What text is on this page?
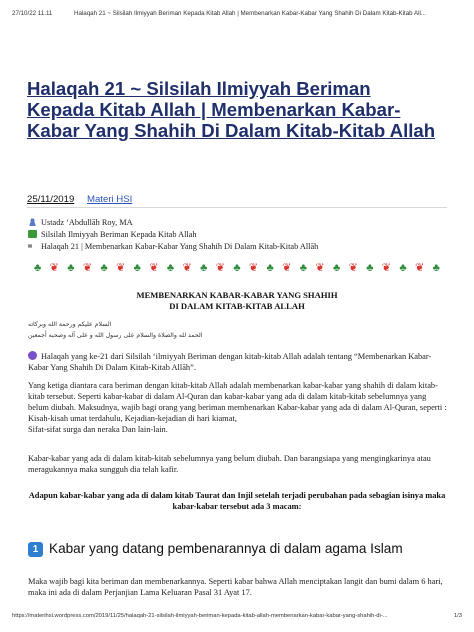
27/10/22 11.11	Halaqah 21 ~ Silsilah Ilmiyyah Beriman Kepada Kitab Allah | Membenarkan Kabar-Kabar Yang Shahih Di Dalam Kitab-Kitab All...
Halaqah 21 ~ Silsilah Ilmiyyah Beriman Kepada Kitab Allah | Membenarkan Kabar-Kabar Yang Shahih Di Dalam Kitab-Kitab Allah
25/11/2019 Materi HSI
Ustadz ‘Abdullāh Roy, MA
Silsilah Ilmiyyah Beriman Kepada Kitab Allah
Halaqah 21 | Membenarkan Kabar-Kabar Yang Shahih Di Dalam Kitab-Kitab Allāh
♣ ❦ ♣ ❦ ♣ ❦ ♣ ❦ ♣ ❦ ♣ ❦ ♣ ❦ ♣ ❦ ♣ ❦ ♣ ❦ ♣ ❦ ♣ ❦ ♣
MEMBENARKAN KABAR-KABAR YANG SHAHIH
DI DALAM KITAB-KITAB ALLAH
السلام عليكم ورحمة الله وبركاته
الحمد لله والصلاة والسلام على رسول الله و على آله وصحبه أجمعين
Halaqah yang ke-21 dari Silsilah ‘ilmiyyah Beriman dengan kitab-kitab Allah adalah tentang “Membenarkan Kabar-Kabar Yang Shahih Di Dalam Kitab-Kitab Allāh”.
Yang ketiga diantara cara beriman dengan kitab-kitab Allah adalah membenarkan kabar-kabar yang shahih di dalam kitab-kitab tersebut. Seperti kabar-kabar di dalam Al-Quran dan kabar-kabar yang ada di dalam kitab-kitab sebelumnya yang belum diubah. Maksudnya, wajib bagi orang yang beriman membenarkan Kabar-kabar yang ada di dalam Al-Quran, seperti : Kisah-kisah umat terdahulu, Kejadian-kejadian di hari kiamat,
Sifat-sifat surga dan neraka Dan lain-lain.
Kabar-kabar yang ada di dalam kitab-kitab sebelumnya yang belum diubah. Dan barangsiapa yang mengingkarinya atau meragukannya maka sungguh dia telah kafir.
Adapun kabar-kabar yang ada di dalam kitab Taurat dan Injil setelah terjadi perubahan pada sebagian isinya maka kabar-kabar tersebut ada 3 macam:
1 Kabar yang datang pembenarannya di dalam agama Islam
Maka wajib bagi kita beriman dan membenarkannya. Seperti kabar bahwa Allah menciptakan langit dan bumi dalam 6 hari, maka ini ada di dalam Perjanjian Lama Keluaran Pasal 31 Ayat 17.
https://materihsi.wordpress.com/2019/11/25/halaqah-21-silsilah-ilmiyyah-beriman-kepada-kitab-allah-membenarkan-kabar-kabar-yang-shahih-di-...	1/3
